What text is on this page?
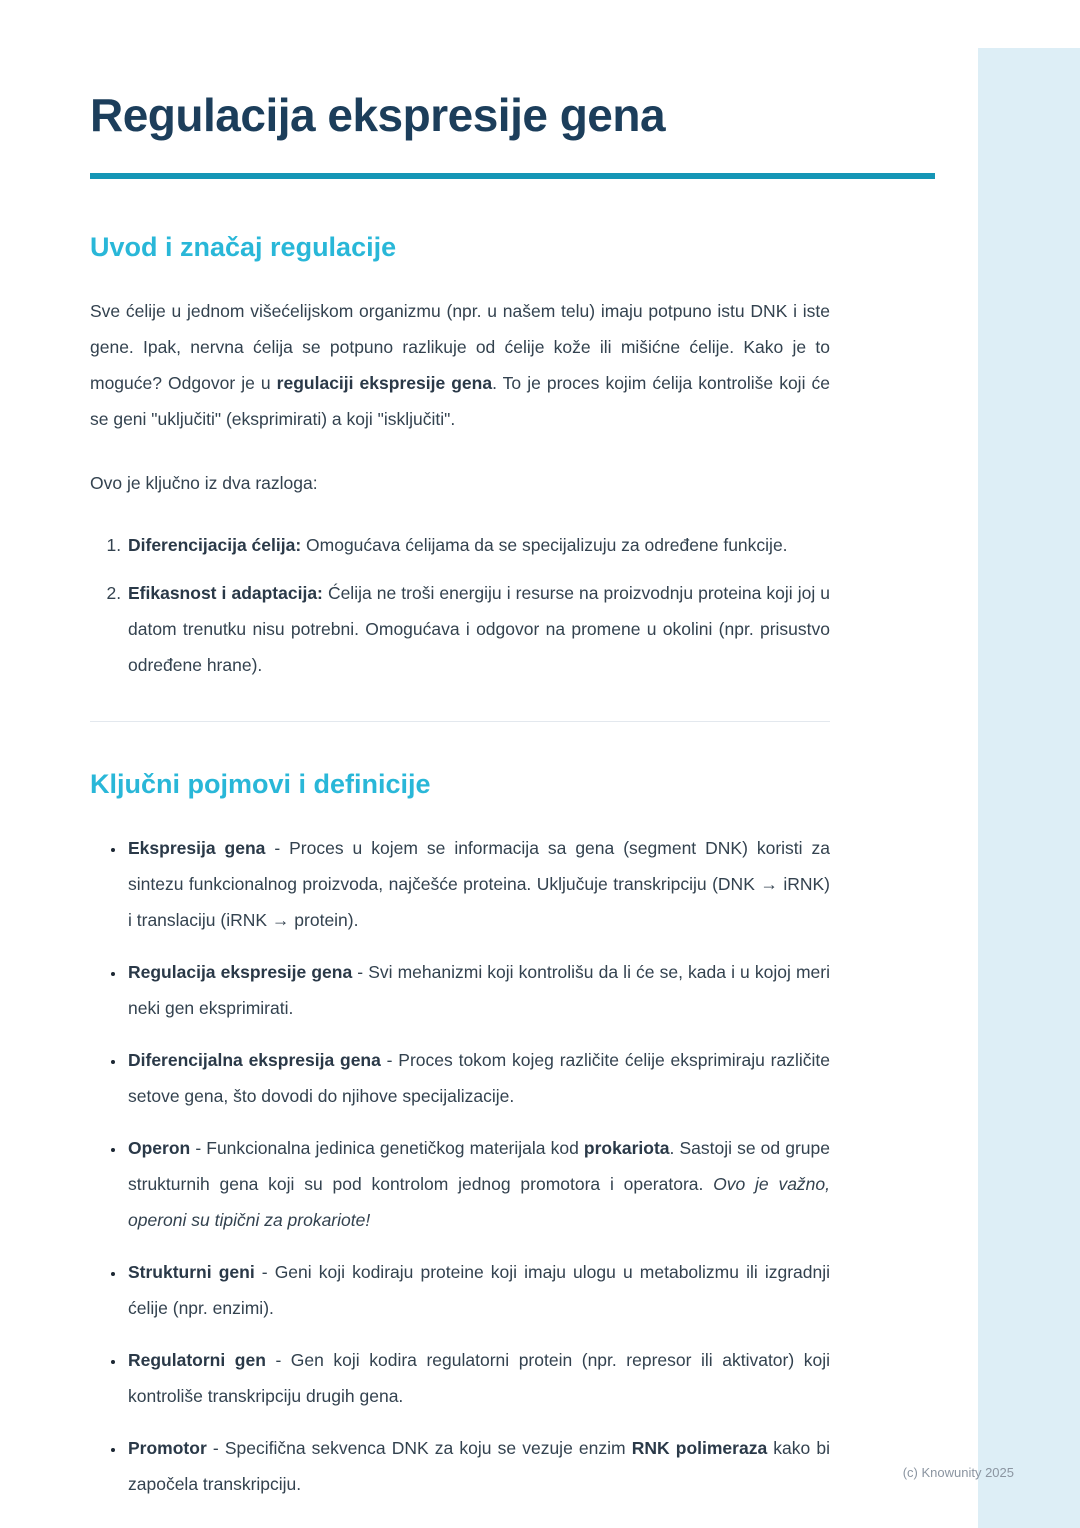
Regulacija ekspresije gena
Uvod i značaj regulacije

Sve ćelije u jednom višećelijskom organizmu (npr. u našem telu) imaju potpuno istu DNK i iste gene. Ipak, nervna ćelija se potpuno razlikuje od ćelije kože ili mišićne ćelije. Kako je to moguće? Odgovor je u regulaciji ekspresije gena. To je proces kojim ćelija kontroliše koji će se geni "uključiti" (eksprimirati) a koji "isključiti".

Ovo je ključno iz dva razloga:

1. Diferencijacija ćelija: Omogućava ćelijama da se specijalizuju za određene funkcije.
2. Efikasnost i adaptacija: Ćelija ne troši energiju i resurse na proizvodnju proteina koji joj u datom trenutku nisu potrebni. Omogućava i odgovor na promene u okolini (npr. prisustvo određene hrane).
Ključni pojmovi i definicije
• Ekspresija gena - Proces u kojem se informacija sa gena (segment DNK) koristi za sintezu funkcionalnog proizvoda, najčešće proteina. Uključuje transkripciju (DNK → iRNK) i translaciju (iRNK → protein).
• Regulacija ekspresije gena - Svi mehanizmi koji kontrolišu da li će se, kada i u kojoj meri neki gen eksprimirati.
• Diferencijalna ekspresija gena - Proces tokom kojeg različite ćelije eksprimiraju različite setove gena, što dovodi do njihove specijalizacije.
• Operon - Funkcionalna jedinica genetičkog materijala kod prokariota. Sastoji se od grupe strukturnih gena koji su pod kontrolom jednog promotora i operatora. Ovo je važno, operoni su tipični za prokariote!
• Strukturni geni - Geni koji kodiraju proteine koji imaju ulogu u metabolizmu ili izgradnji ćelije (npr. enzimi).
• Regulatorni gen - Gen koji kodira regulatorni protein (npr. represor ili aktivator) koji kontroliše transkripciju drugih gena.
• Promotor - Specifična sekvenca DNK za koju se vezuje enzim RNK polimeraza kako bi započela transkripciju.
(c) Knowunity 2025
